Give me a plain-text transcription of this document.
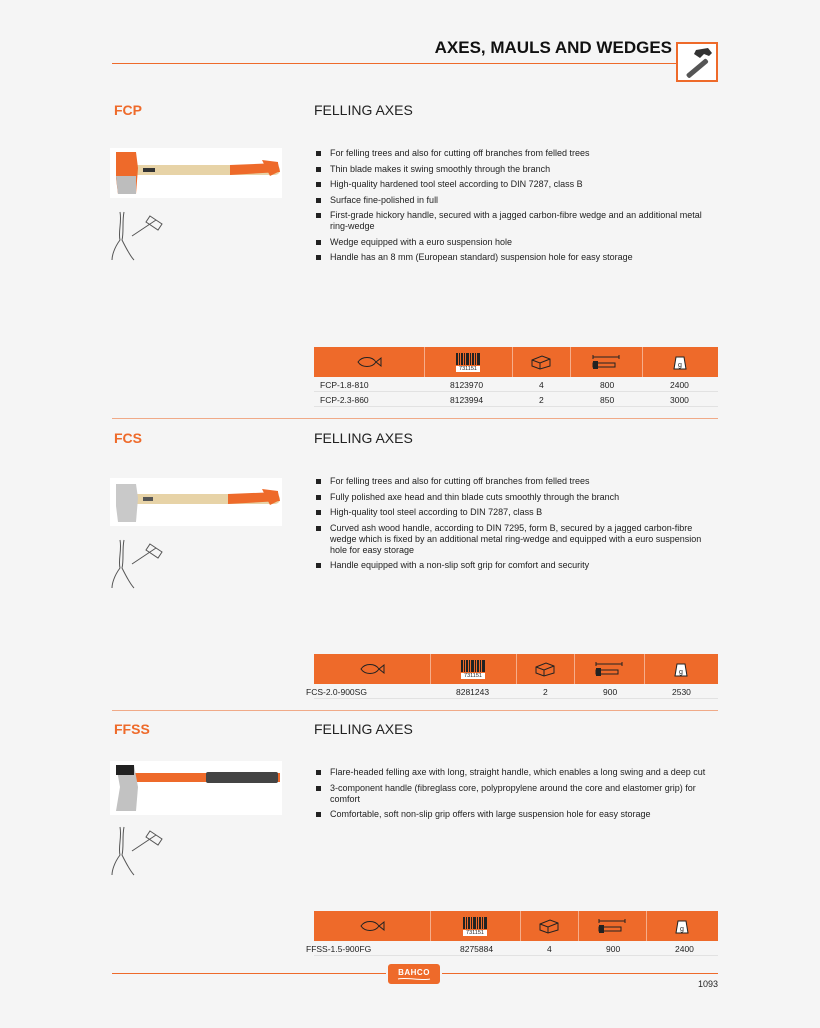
AXES, MAULS AND WEDGES
FCP	FELLING AXES
For felling trees and also for cutting off branches from felled trees
Thin blade makes it swing smoothly through the branch
High-quality hardened tool steel according to DIN 7287, class B
Surface fine-polished in full
First-grade hickory handle, secured with a jagged carbon-fibre wedge and an additional metal ring-wedge
Wedge equipped with a euro suspension hole
Handle has an 8 mm (European standard) suspension hole for easy storage
731151	g
FCP-1.8-810	8123970	4	800	2400
FCP-2.3-860	8123994	2	850	3000
FCS	FELLING AXES
For felling trees and also for cutting off branches from felled trees
Fully polished axe head and thin blade cuts smoothly through the branch
High-quality tool steel according to DIN 7287, class B
Curved ash wood handle, according to DIN 7295, form B, secured by a jagged carbon-fibre wedge which is fixed by an additional metal ring-wedge and equipped with a euro suspension hole for easy storage
Handle equipped with a non-slip soft grip for comfort and security
731151	g
FCS-2.0-900SG	8281243	2	900	2530
FFSS	FELLING AXES
Flare-headed felling axe with long, straight handle, which enables a long swing and a deep cut
3-component handle (fibreglass core, polypropylene around the core and elastomer grip) for comfort
Comfortable, soft non-slip grip offers with large suspension hole for easy storage
731151	g
FFSS-1.5-900FG	8275884	4	900	2400
BAHCO
1093
